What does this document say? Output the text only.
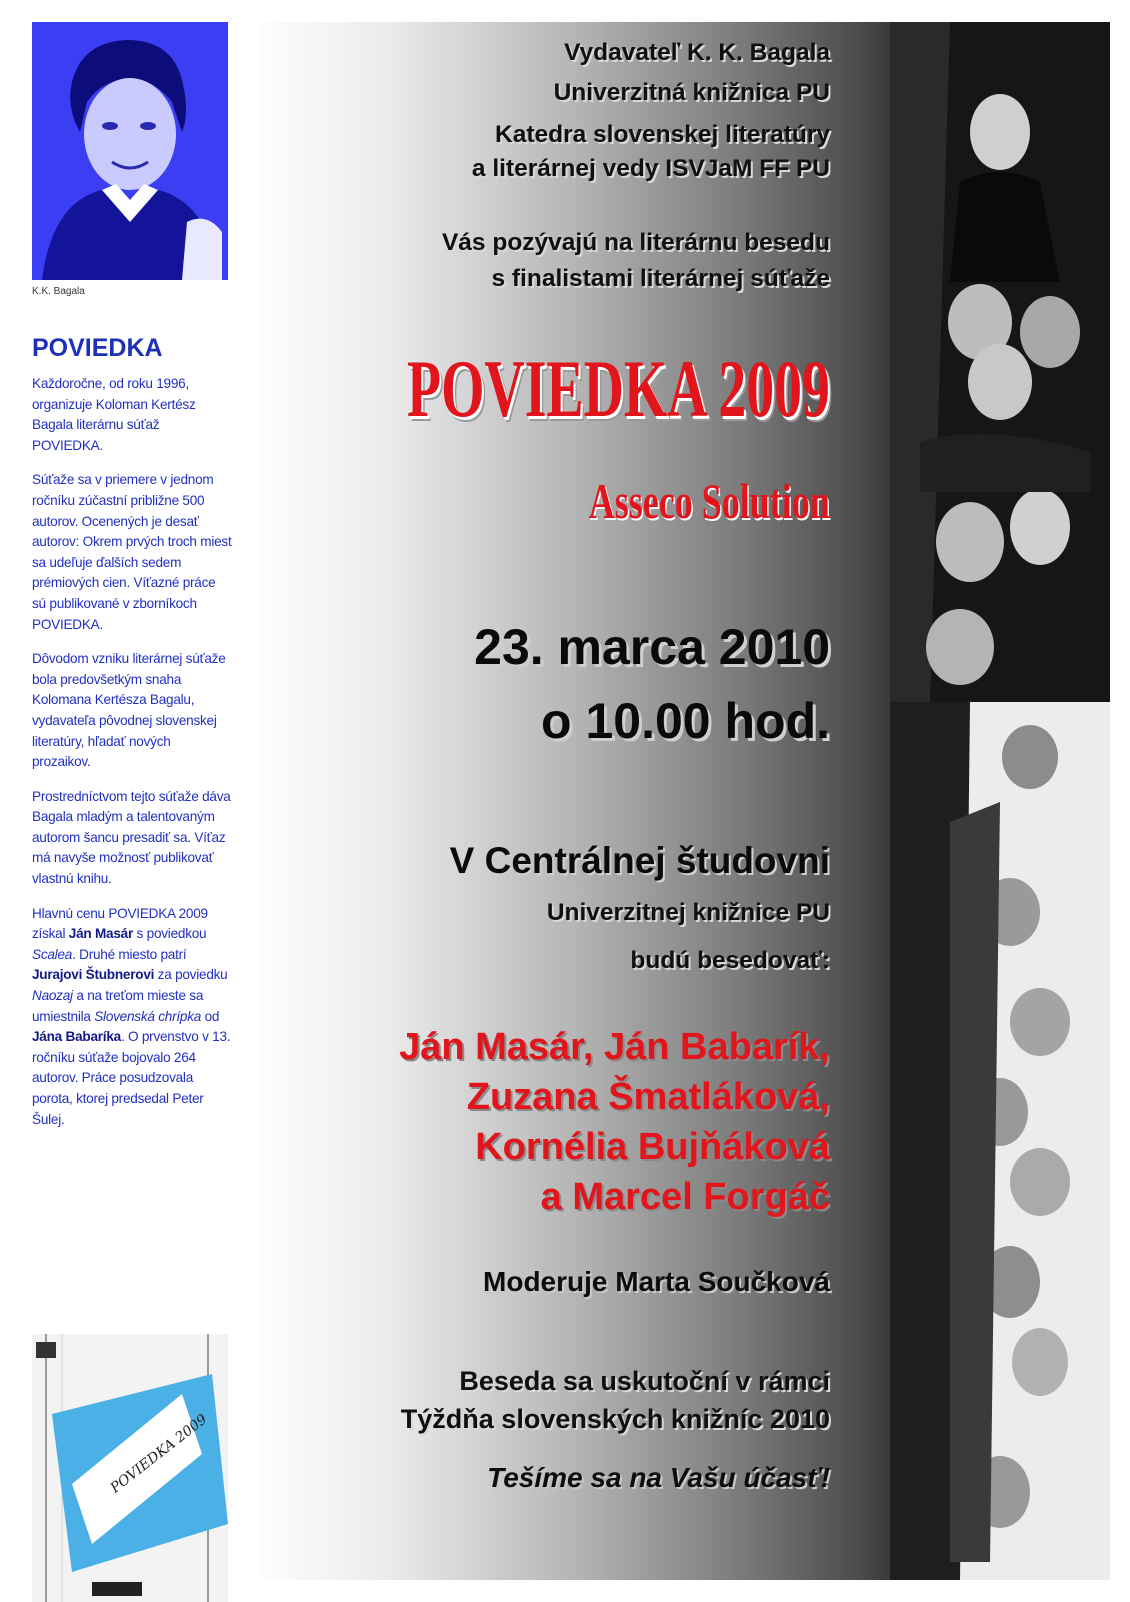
K.K. Bagala
POVIEDKA

Každoročne, od roku 1996, organizuje Koloman Kertész Bagala literárnu súťaž POVIEDKA.

Súťaže sa v priemere v jednom ročníku zúčastní približne 500 autorov. Ocenených je desať autorov: Okrem prvých troch miest sa udeľuje ďalších sedem prémiových cien. Víťazné práce sú publikované v zborníkoch POVIEDKA.

Dôvodom vzniku literárnej súťaže bola predovšetkým snaha Kolomana Kertésza Bagalu, vydavateľa pôvodnej slovenskej literatúry, hľadať nových prozaikov.

Prostredníctvom tejto súťaže dáva Bagala mladým a talentovaným autorom šancu presadiť sa. Víťaz má navyše možnosť publikovať vlastnú knihu.

Hlavnú cenu POVIEDKA 2009 získal Ján Masár s poviedkou Scalea. Druhé miesto patrí Jurajovi Štubnerovi za poviedku Naozaj a na treťom mieste sa umiestnila Slovenská chrípka od Jána Babaríka. O prvenstvo v 13. ročníku súťaže bojovalo 264 autorov. Práce posudzovala porota, ktorej predsedal Peter Šulej.

POVIEDKA 2009

Vydavateľ K. K. Bagala

Univerzitná knižnica PU

Katedra slovenskej literatúry

a literárnej vedy ISVJaM FF PU

Vás pozývajú na literárnu besedu

s finalistami literárnej súťaže

POVIEDKA 2009

Asseco Solution

23. marca 2010

o 10.00 hod.

V Centrálnej študovni

Univerzitnej knižnice PU

budú besedovať:

Ján Masár, Ján Babarík,

Zuzana Šmatláková,

Kornélia Bujňáková

a Marcel Forgáč

Moderuje Marta Součková

Beseda sa uskutoční v rámci

Týždňa slovenských knižníc 2010

Tešíme sa na Vašu účasť!
